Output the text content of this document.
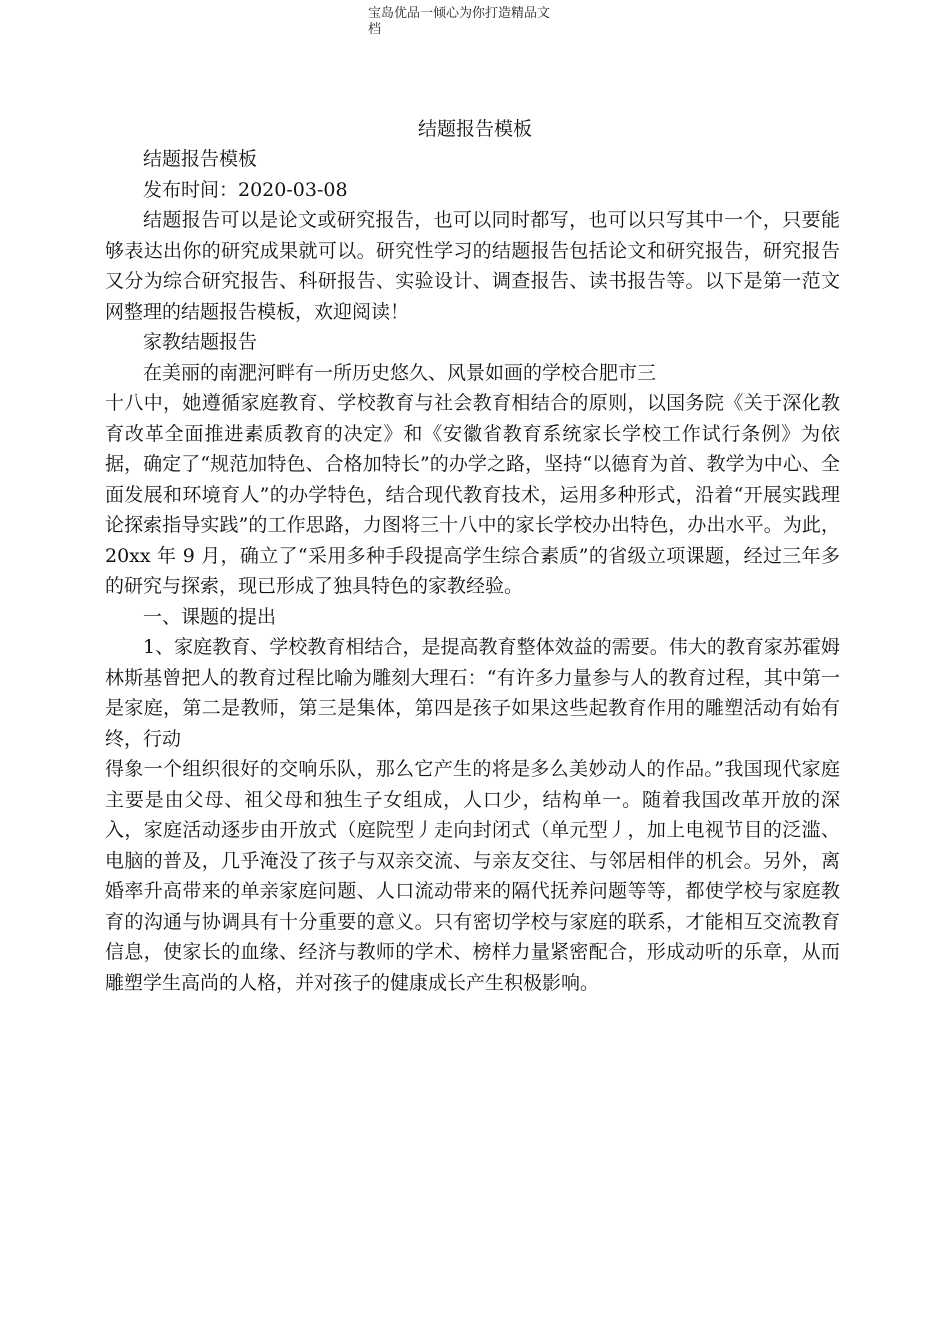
宝岛优品一倾心为你打造精品文
档
结题报告模板

结题报告模板

发布时间：2020-03-08

结题报告可以是论文或研究报告，也可以同时都写，也可以只写其中一个，只要能够表达出你的研究成果就可以。研究性学习的结题报告包括论文和研究报告，研究报告又分为综合研究报告、科研报告、实验设计、调查报告、读书报告等。以下是第一范文网整理的结题报告模板，欢迎阅读！

家教结题报告

在美丽的南淝河畔有一所历史悠久、风景如画的学校合肥市三

十八中，她遵循家庭教育、学校教育与社会教育相结合的原则，以国务院《关于深化教育改革全面推进素质教育的决定》和《安徽省教育系统家长学校工作试行条例》为依据，确定了“规范加特色、合格加特长”的办学之路，坚持“以德育为首、教学为中心、全面发展和环境育人”的办学特色，结合现代教育技术，运用多种形式，沿着“开展实践理论探索指导实践”的工作思路，力图将三十八中的家长学校办出特色，办出水平。为此，20xx 年 9 月，确立了“采用多种手段提高学生综合素质”的省级立项课题，经过三年多的研究与探索，现已形成了独具特色的家教经验。

一、课题的提出

1、家庭教育、学校教育相结合，是提高教育整体效益的需要。伟大的教育家苏霍姆林斯基曾把人的教育过程比喻为雕刻大理石：“有许多力量参与人的教育过程，其中第一是家庭，第二是教师，第三是集体，第四是孩子如果这些起教育作用的雕塑活动有始有终，行动

得象一个组织很好的交响乐队，那么它产生的将是多么美妙动人的作品。”我国现代家庭主要是由父母、祖父母和独生子女组成，人口少，结构单一。随着我国改革开放的深入，家庭活动逐步由开放式（庭院型丿走向封闭式（单元型丿，加上电视节目的泛滥、电脑的普及，几乎淹没了孩子与双亲交流、与亲友交往、与邻居相伴的机会。另外，离婚率升高带来的单亲家庭问题、人口流动带来的隔代抚养问题等等，都使学校与家庭教育的沟通与协调具有十分重要的意义。只有密切学校与家庭的联系，才能相互交流教育信息，使家长的血缘、经济与教师的学术、榜样力量紧密配合，形成动听的乐章，从而雕塑学生高尚的人格，并对孩子的健康成长产生积极影响。
